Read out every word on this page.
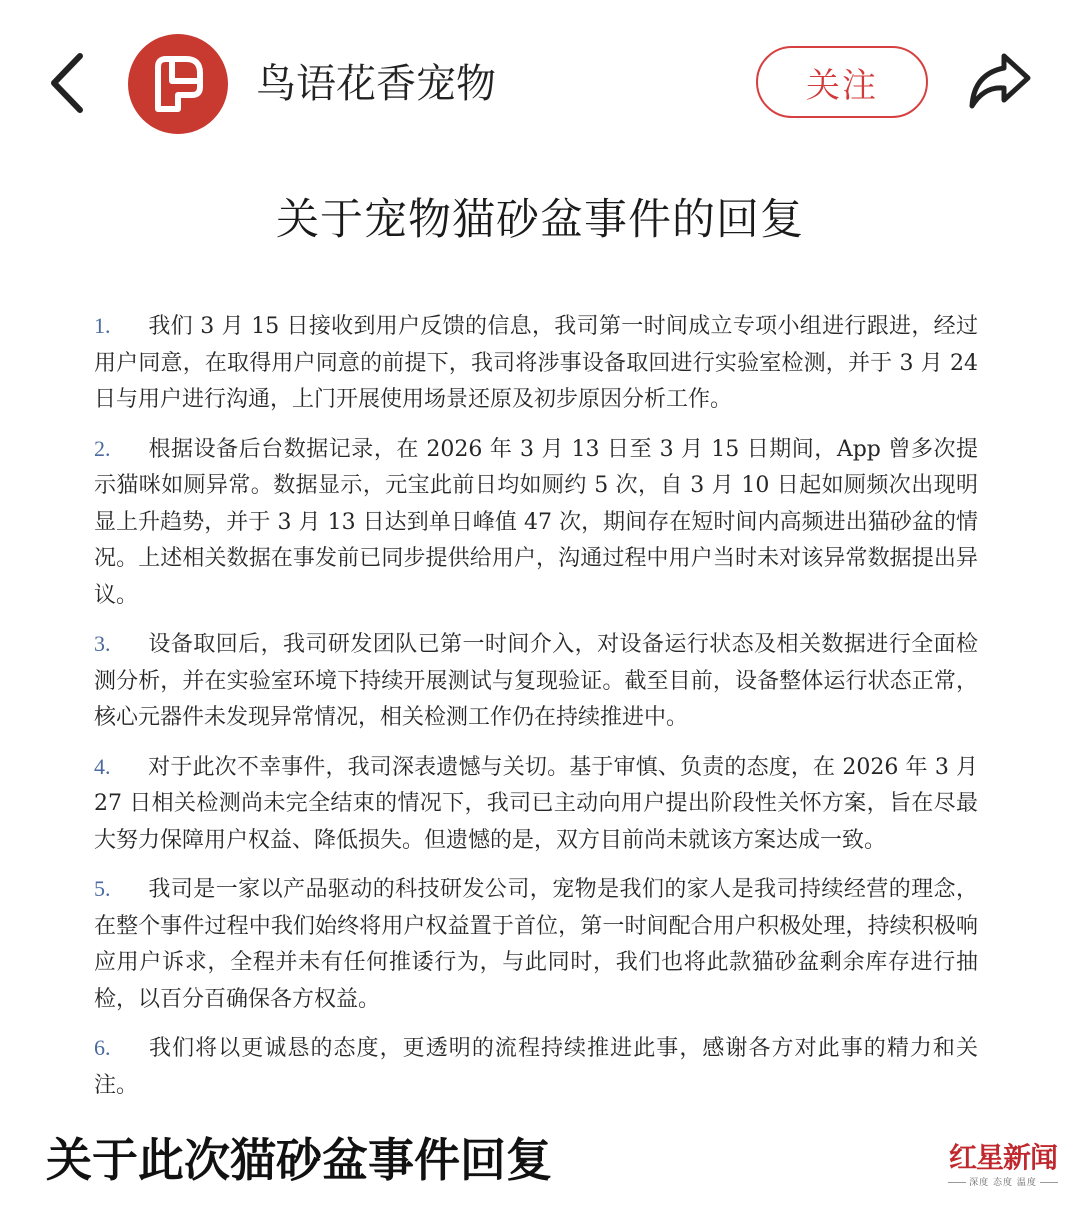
鸟语花香宠物	关注
关于宠物猫砂盆事件的回复

1. 我们 3 月 15 日接收到用户反馈的信息，我司第一时间成立专项小组进行跟进，经过用户同意，在取得用户同意的前提下，我司将涉事设备取回进行实验室检测，并于 3 月 24 日与用户进行沟通，上门开展使用场景还原及初步原因分析工作。

2. 根据设备后台数据记录，在 2026 年 3 月 13 日至 3 月 15 日期间，App 曾多次提示猫咪如厕异常。数据显示，元宝此前日均如厕约 5 次，自 3 月 10 日起如厕频次出现明显上升趋势，并于 3 月 13 日达到单日峰值 47 次，期间存在短时间内高频进出猫砂盆的情况。上述相关数据在事发前已同步提供给用户，沟通过程中用户当时未对该异常数据提出异议。

3. 设备取回后，我司研发团队已第一时间介入，对设备运行状态及相关数据进行全面检测分析，并在实验室环境下持续开展测试与复现验证。截至目前，设备整体运行状态正常，核心元器件未发现异常情况，相关检测工作仍在持续推进中。

4. 对于此次不幸事件，我司深表遗憾与关切。基于审慎、负责的态度，在 2026 年 3 月 27 日相关检测尚未完全结束的情况下，我司已主动向用户提出阶段性关怀方案，旨在尽最大努力保障用户权益、降低损失。但遗憾的是，双方目前尚未就该方案达成一致。

5. 我司是一家以产品驱动的科技研发公司，宠物是我们的家人是我司持续经营的理念，在整个事件过程中我们始终将用户权益置于首位，第一时间配合用户积极处理，持续积极响应用户诉求，全程并未有任何推诿行为，与此同时，我们也将此款猫砂盆剩余库存进行抽检，以百分百确保各方权益。

6. 我们将以更诚恳的态度，更透明的流程持续推进此事，感谢各方对此事的精力和关注。

关于此次猫砂盆事件回复	红星新闻
深度 态度 温度
